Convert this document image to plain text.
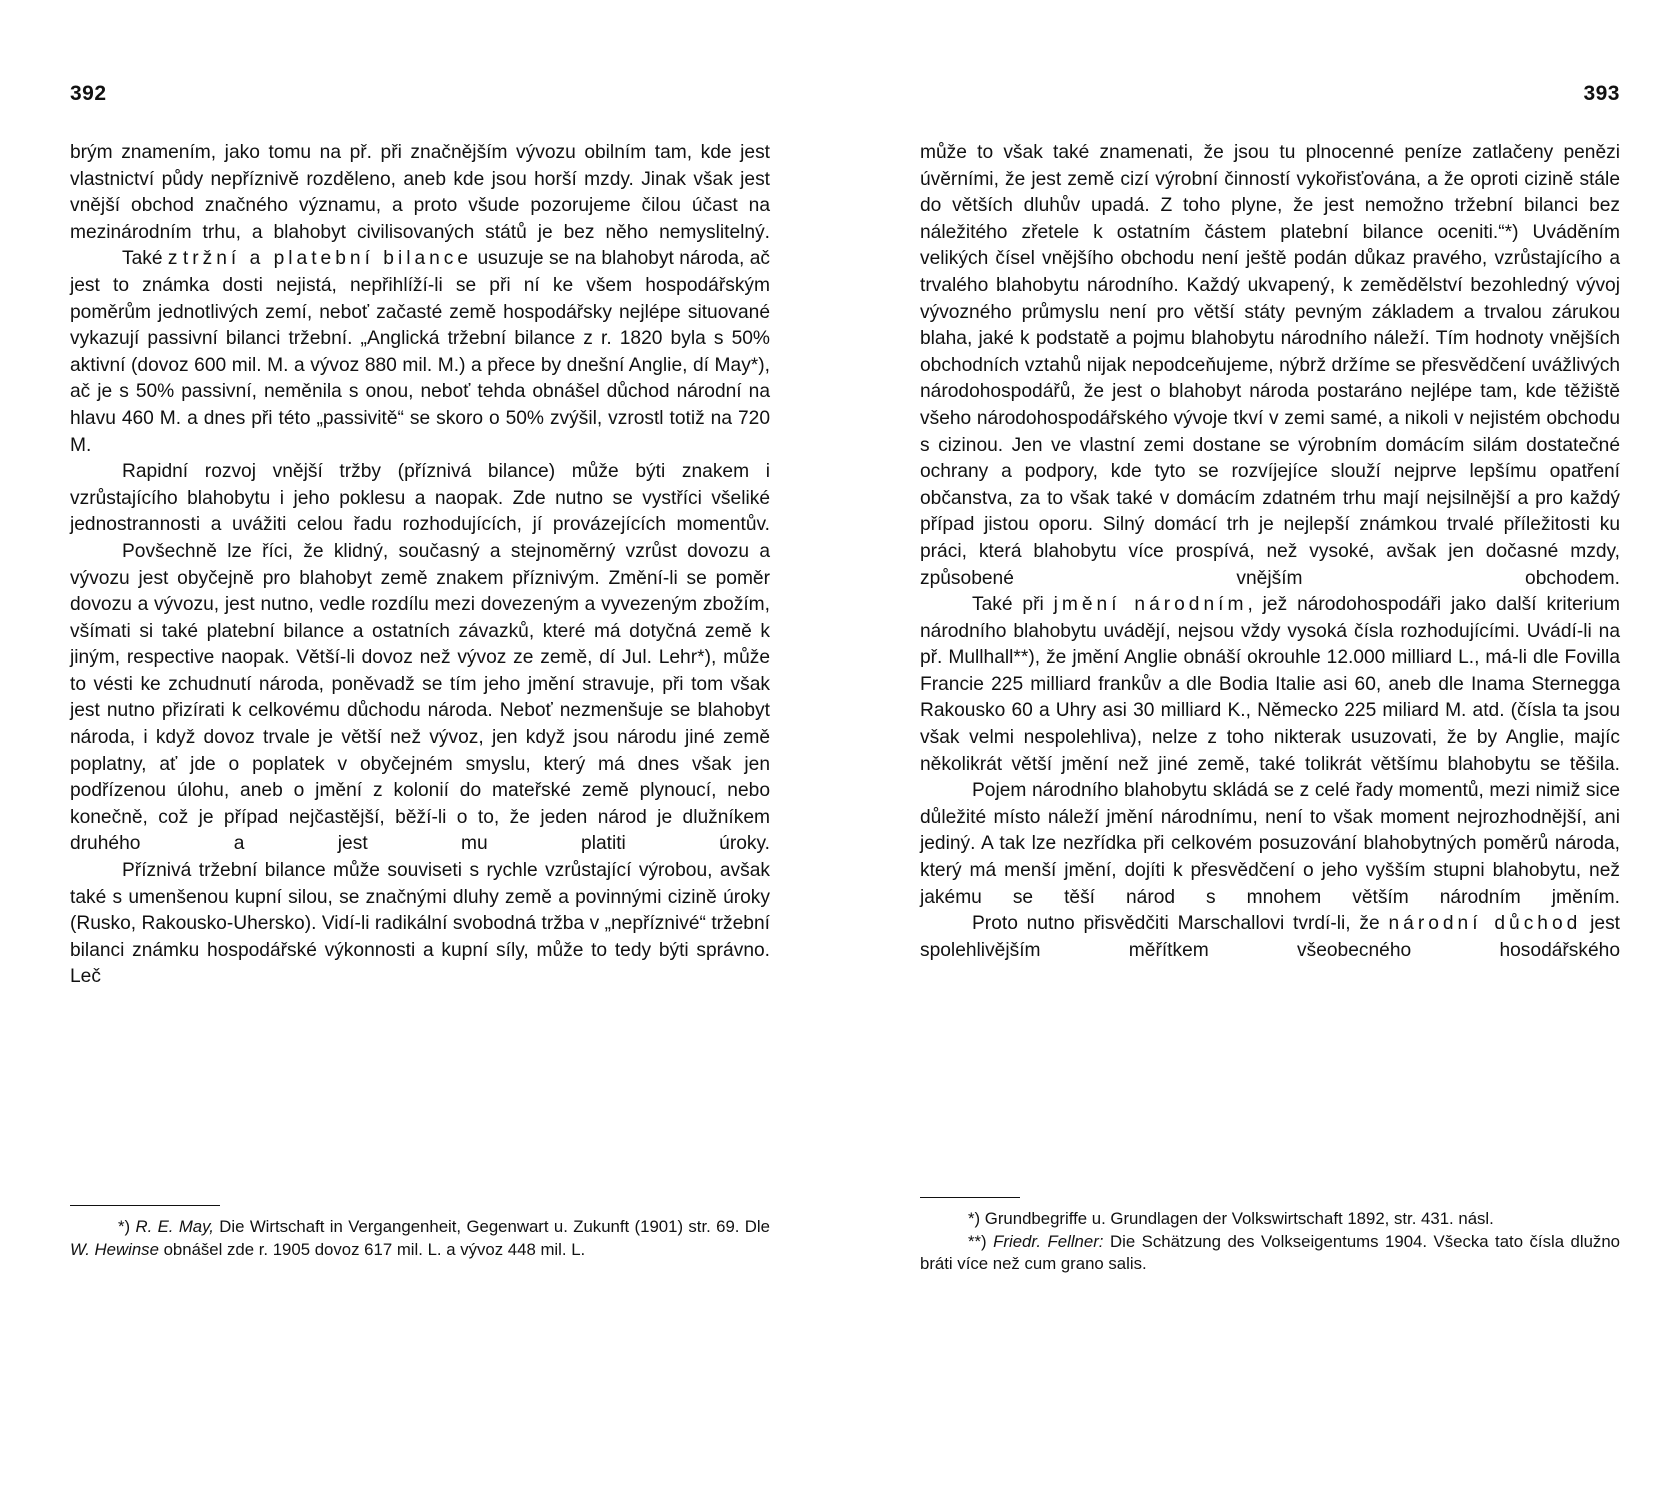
392

brým znamením, jako tomu na př. při značnějším vývozu obilním tam, kde jest vlastnictví půdy nepříznivě rozděleno, aneb kde jsou horší mzdy. Jinak však jest vnější obchod značného významu, a proto všude pozorujeme čilou účast na mezinárodním trhu, a blahobyt civilisovaných států je bez něho nemyslitelný.

Také z tržní a platební bilance usuzuje se na blahobyt národa, ač jest to známka dosti nejistá, nepřihlíží-li se při ní ke všem hospodářským poměrům jednotlivých zemí, neboť začasté země hospodářsky nejlépe situované vykazují passivní bilanci tržební. „Anglická tržební bilance z r. 1820 byla s 50% aktivní (dovoz 600 mil. M. a vývoz 880 mil. M.) a přece by dnešní Anglie, dí May*), ač je s 50% passivní, neměnila s onou, neboť tehda obnášel důchod národní na hlavu 460 M. a dnes při této „passivitě“ se skoro o 50% zvýšil, vzrostl totiž na 720 M.

Rapidní rozvoj vnější tržby (příznivá bilance) může býti znakem i vzrůstajícího blahobytu i jeho poklesu a naopak. Zde nutno se vystříci všeliké jednostrannosti a uvážiti celou řadu rozhodujících, jí provázejících momentův.

Povšechně lze říci, že klidný, současný a stejnoměrný vzrůst dovozu a vývozu jest obyčejně pro blahobyt země znakem příznivým. Změní-li se poměr dovozu a vývozu, jest nutno, vedle rozdílu mezi dovezeným a vyvezeným zbožím, všímati si také platební bilance a ostatních závazků, které má dotyčná země k jiným, respective naopak. Větší-li dovoz než vývoz ze země, dí Jul. Lehr*), může to vésti ke zchudnutí národa, poněvadž se tím jeho jmění stravuje, při tom však jest nutno přizírati k celkovému důchodu národa. Neboť nezmenšuje se blahobyt národa, i když dovoz trvale je větší než vývoz, jen když jsou národu jiné země poplatny, ať jde o poplatek v obyčejném smyslu, který má dnes však jen podřízenou úlohu, aneb o jmění z kolonií do mateřské země plynoucí, nebo konečně, což je případ nejčastější, běží-li o to, že jeden národ je dlužníkem druhého a jest mu platiti úroky.

Příznivá tržební bilance může souviseti s rychle vzrůstající výrobou, avšak také s umenšenou kupní silou, se značnými dluhy země a povinnými cizině úroky (Rusko, Rakousko-Uhersko). Vidí-li radikální svobodná tržba v „nepříznivé“ tržební bilanci známku hospodářské výkonnosti a kupní síly, může to tedy býti správno. Leč

*) R. E. May, Die Wirtschaft in Vergangenheit, Gegenwart u. Zukunft (1901) str. 69. Dle W. Hewinse obnášel zde r. 1905 dovoz 617 mil. L. a vývoz 448 mil. L.

393

může to však také znamenati, že jsou tu plnocenné peníze zatlačeny penězi úvěrními, že jest země cizí výrobní činností vykořisťována, a že oproti cizině stále do větších dluhův upadá. Z toho plyne, že jest nemožno tržební bilanci bez náležitého zřetele k ostatním částem platební bilance oceniti.“*) Uváděním velikých čísel vnějšího obchodu není ještě podán důkaz pravého, vzrůstajícího a trvalého blahobytu národního. Každý ukvapený, k zemědělství bezohledný vývoj vývozného průmyslu není pro větší státy pevným základem a trvalou zárukou blaha, jaké k podstatě a pojmu blahobytu národního náleží. Tím hodnoty vnějších obchodních vztahů nijak nepodceňujeme, nýbrž držíme se přesvědčení uvážlivých národohospodářů, že jest o blahobyt národa postaráno nejlépe tam, kde těžiště všeho národohospodářského vývoje tkví v zemi samé, a nikoli v nejistém obchodu s cizinou. Jen ve vlastní zemi dostane se výrobním domácím silám dostatečné ochrany a podpory, kde tyto se rozvíjejíce slouží nejprve lepšímu opatření občanstva, za to však také v domácím zdatném trhu mají nejsilnější a pro každý případ jistou oporu. Silný domácí trh je nejlepší známkou trvalé příležitosti ku práci, která blahobytu více prospívá, než vysoké, avšak jen dočasné mzdy, způsobené vnějším obchodem.

Také při jmění národním, jež národohospodáři jako další kriterium národního blahobytu uvádějí, nejsou vždy vysoká čísla rozhodujícími. Uvádí-li na př. Mullhall**), že jmění Anglie obnáší okrouhle 12.000 milliard L., má-li dle Fovilla Francie 225 milliard frankův a dle Bodia Italie asi 60, aneb dle Inama Sternegga Rakousko 60 a Uhry asi 30 milliard K., Německo 225 miliard M. atd. (čísla ta jsou však velmi nespolehliva), nelze z toho nikterak usuzovati, že by Anglie, majíc několikrát větší jmění než jiné země, také tolikrát většímu blahobytu se těšila.

Pojem národního blahobytu skládá se z celé řady momentů, mezi nimiž sice důležité místo náleží jmění národnímu, není to však moment nejrozhodnější, ani jediný. A tak lze nezřídka při celkovém posuzování blahobytných poměrů národa, který má menší jmění, dojíti k přesvědčení o jeho vyšším stupni blahobytu, než jakému se těší národ s mnohem větším národním jměním.

Proto nutno přisvědčiti Marschallovi tvrdí-li, že národní důchod jest spolehlivějším měřítkem všeobecného hosodářského

*) Grundbegriffe u. Grundlagen der Volkswirtschaft 1892, str. 431. násl.

**) Friedr. Fellner: Die Schätzung des Volkseigentums 1904. Všecka tato čísla dlužno bráti více než cum grano salis.
